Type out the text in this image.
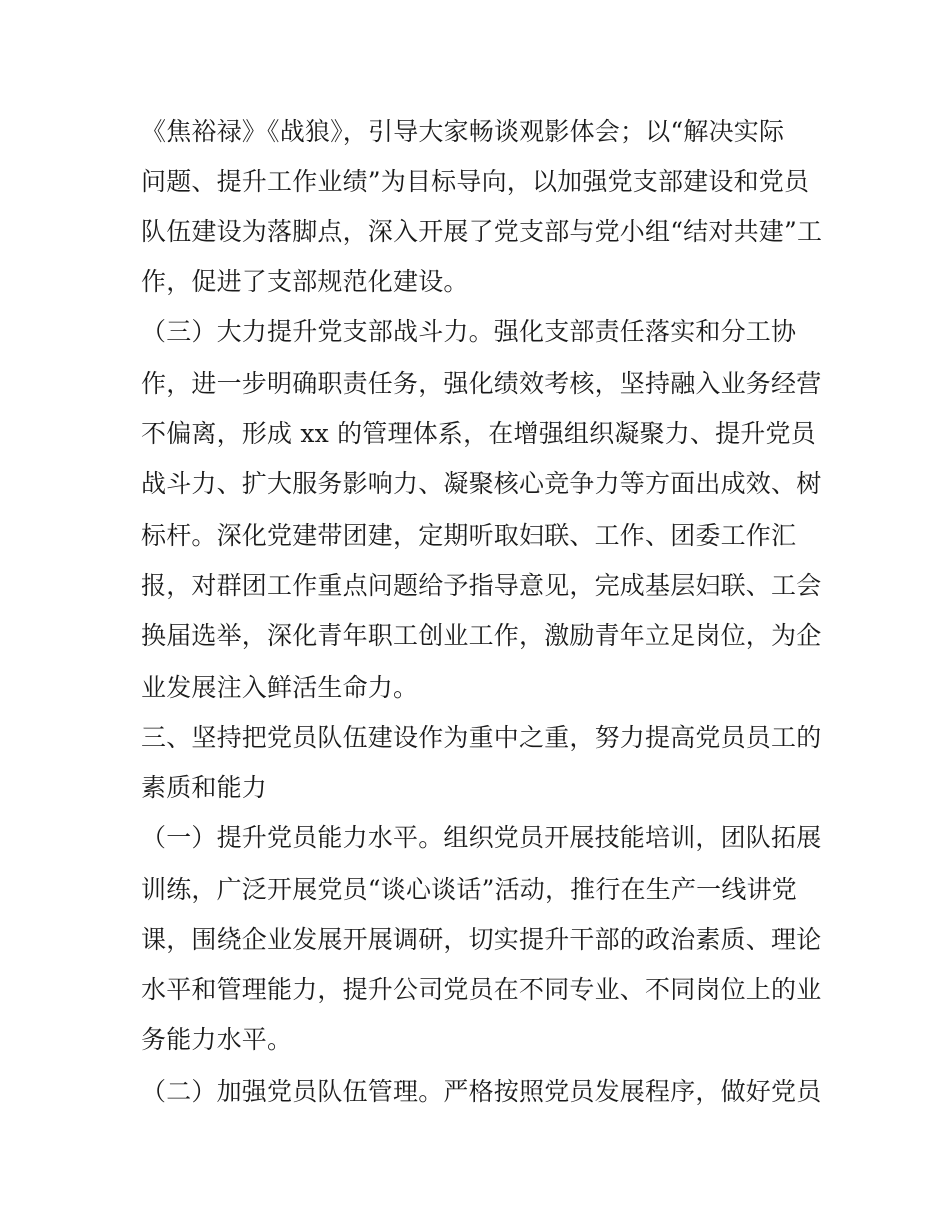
《焦裕禄》《战狼》，引导大家畅谈观影体会；以“解决实际
问题、提升工作业绩”为目标导向，以加强党支部建设和党员
队伍建设为落脚点，深入开展了党支部与党小组“结对共建”工
作，促进了支部规范化建设。
（三）大力提升党支部战斗力。强化支部责任落实和分工协
作，进一步明确职责任务，强化绩效考核，坚持融入业务经营
不偏离，形成 xx 的管理体系，在增强组织凝聚力、提升党员
战斗力、扩大服务影响力、凝聚核心竞争力等方面出成效、树
标杆。深化党建带团建，定期听取妇联、工作、团委工作汇
报，对群团工作重点问题给予指导意见，完成基层妇联、工会
换届选举，深化青年职工创业工作，激励青年立足岗位，为企
业发展注入鲜活生命力。
三、坚持把党员队伍建设作为重中之重，努力提高党员员工的
素质和能力
（一）提升党员能力水平。组织党员开展技能培训，团队拓展
训练，广泛开展党员“谈心谈话”活动，推行在生产一线讲党
课，围绕企业发展开展调研，切实提升干部的政治素质、理论
水平和管理能力，提升公司党员在不同专业、不同岗位上的业
务能力水平。
（二）加强党员队伍管理。严格按照党员发展程序，做好党员
